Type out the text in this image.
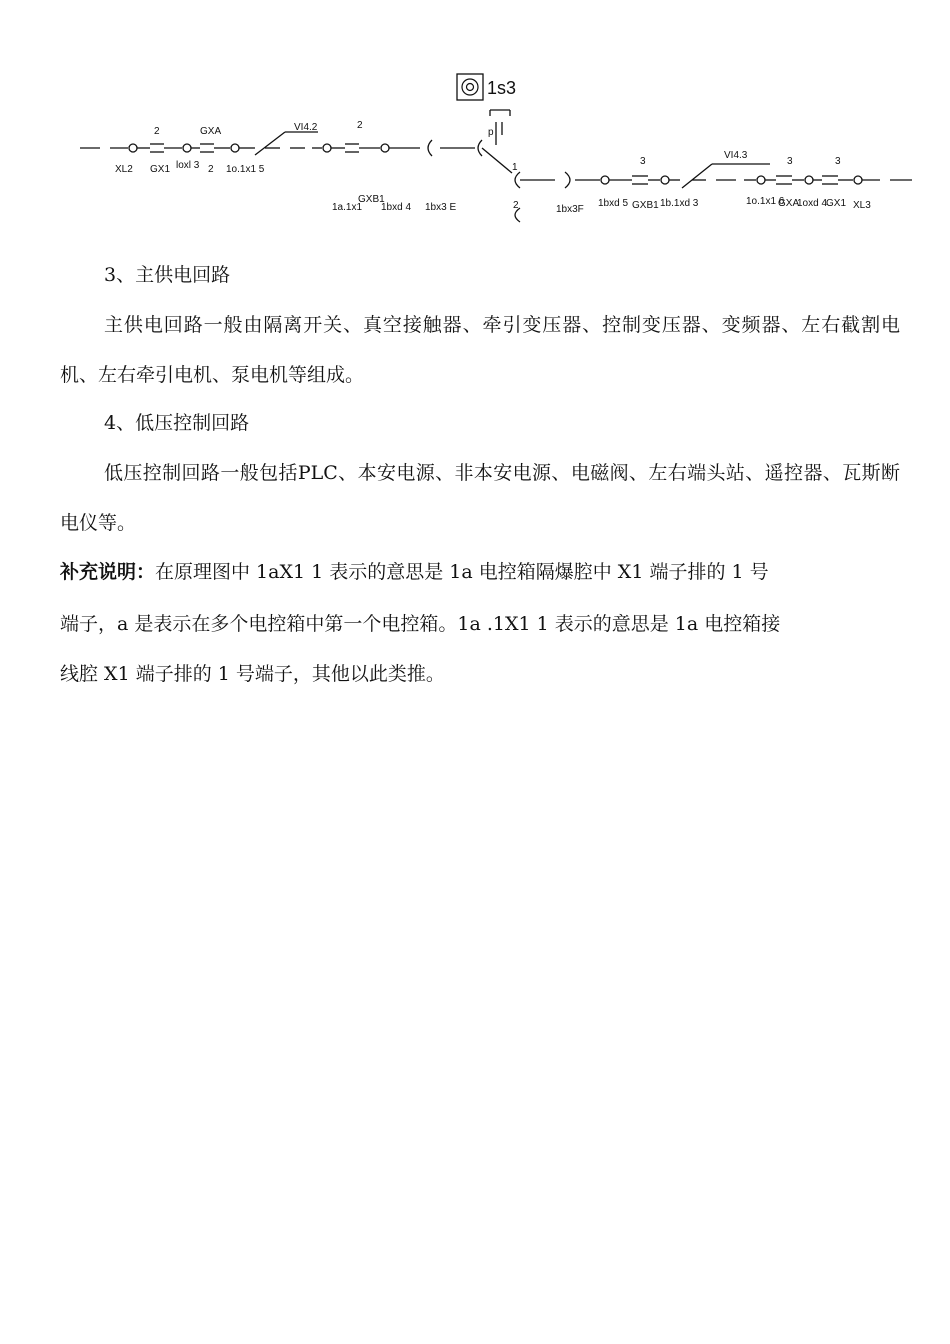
1s3
p
2	GXA	VI4.2	2
3
VI4.3
3	3
XL2 GX1 loxl 3 2 1o.1x1 5	1
2
1a.1x1
GXB1
1bxd 4 1bx3 E	1bx3F
1bxd 5 GXB1 1b.1xd 3	1o.1x1 6
GXA
1oxd 4
GX1 XL3

3、主供电回路

主供电回路一般由隔离开关、真空接触器、牵引变压器、控制变压器、变频器、左右截割电机、左右牵引电机、泵电机等组成。

4、低压控制回路

低压控制回路一般包括PLC、本安电源、非本安电源、电磁阀、左右端头站、遥控器、瓦斯断电仪等。

补充说明：在原理图中 1aX1 1 表示的意思是 1a 电控箱隔爆腔中 X1 端子排的 1 号

端子，a 是表示在多个电控箱中第一个电控箱。1a .1X1 1 表示的意思是 1a 电控箱接

线腔 X1 端子排的 1 号端子，其他以此类推。
